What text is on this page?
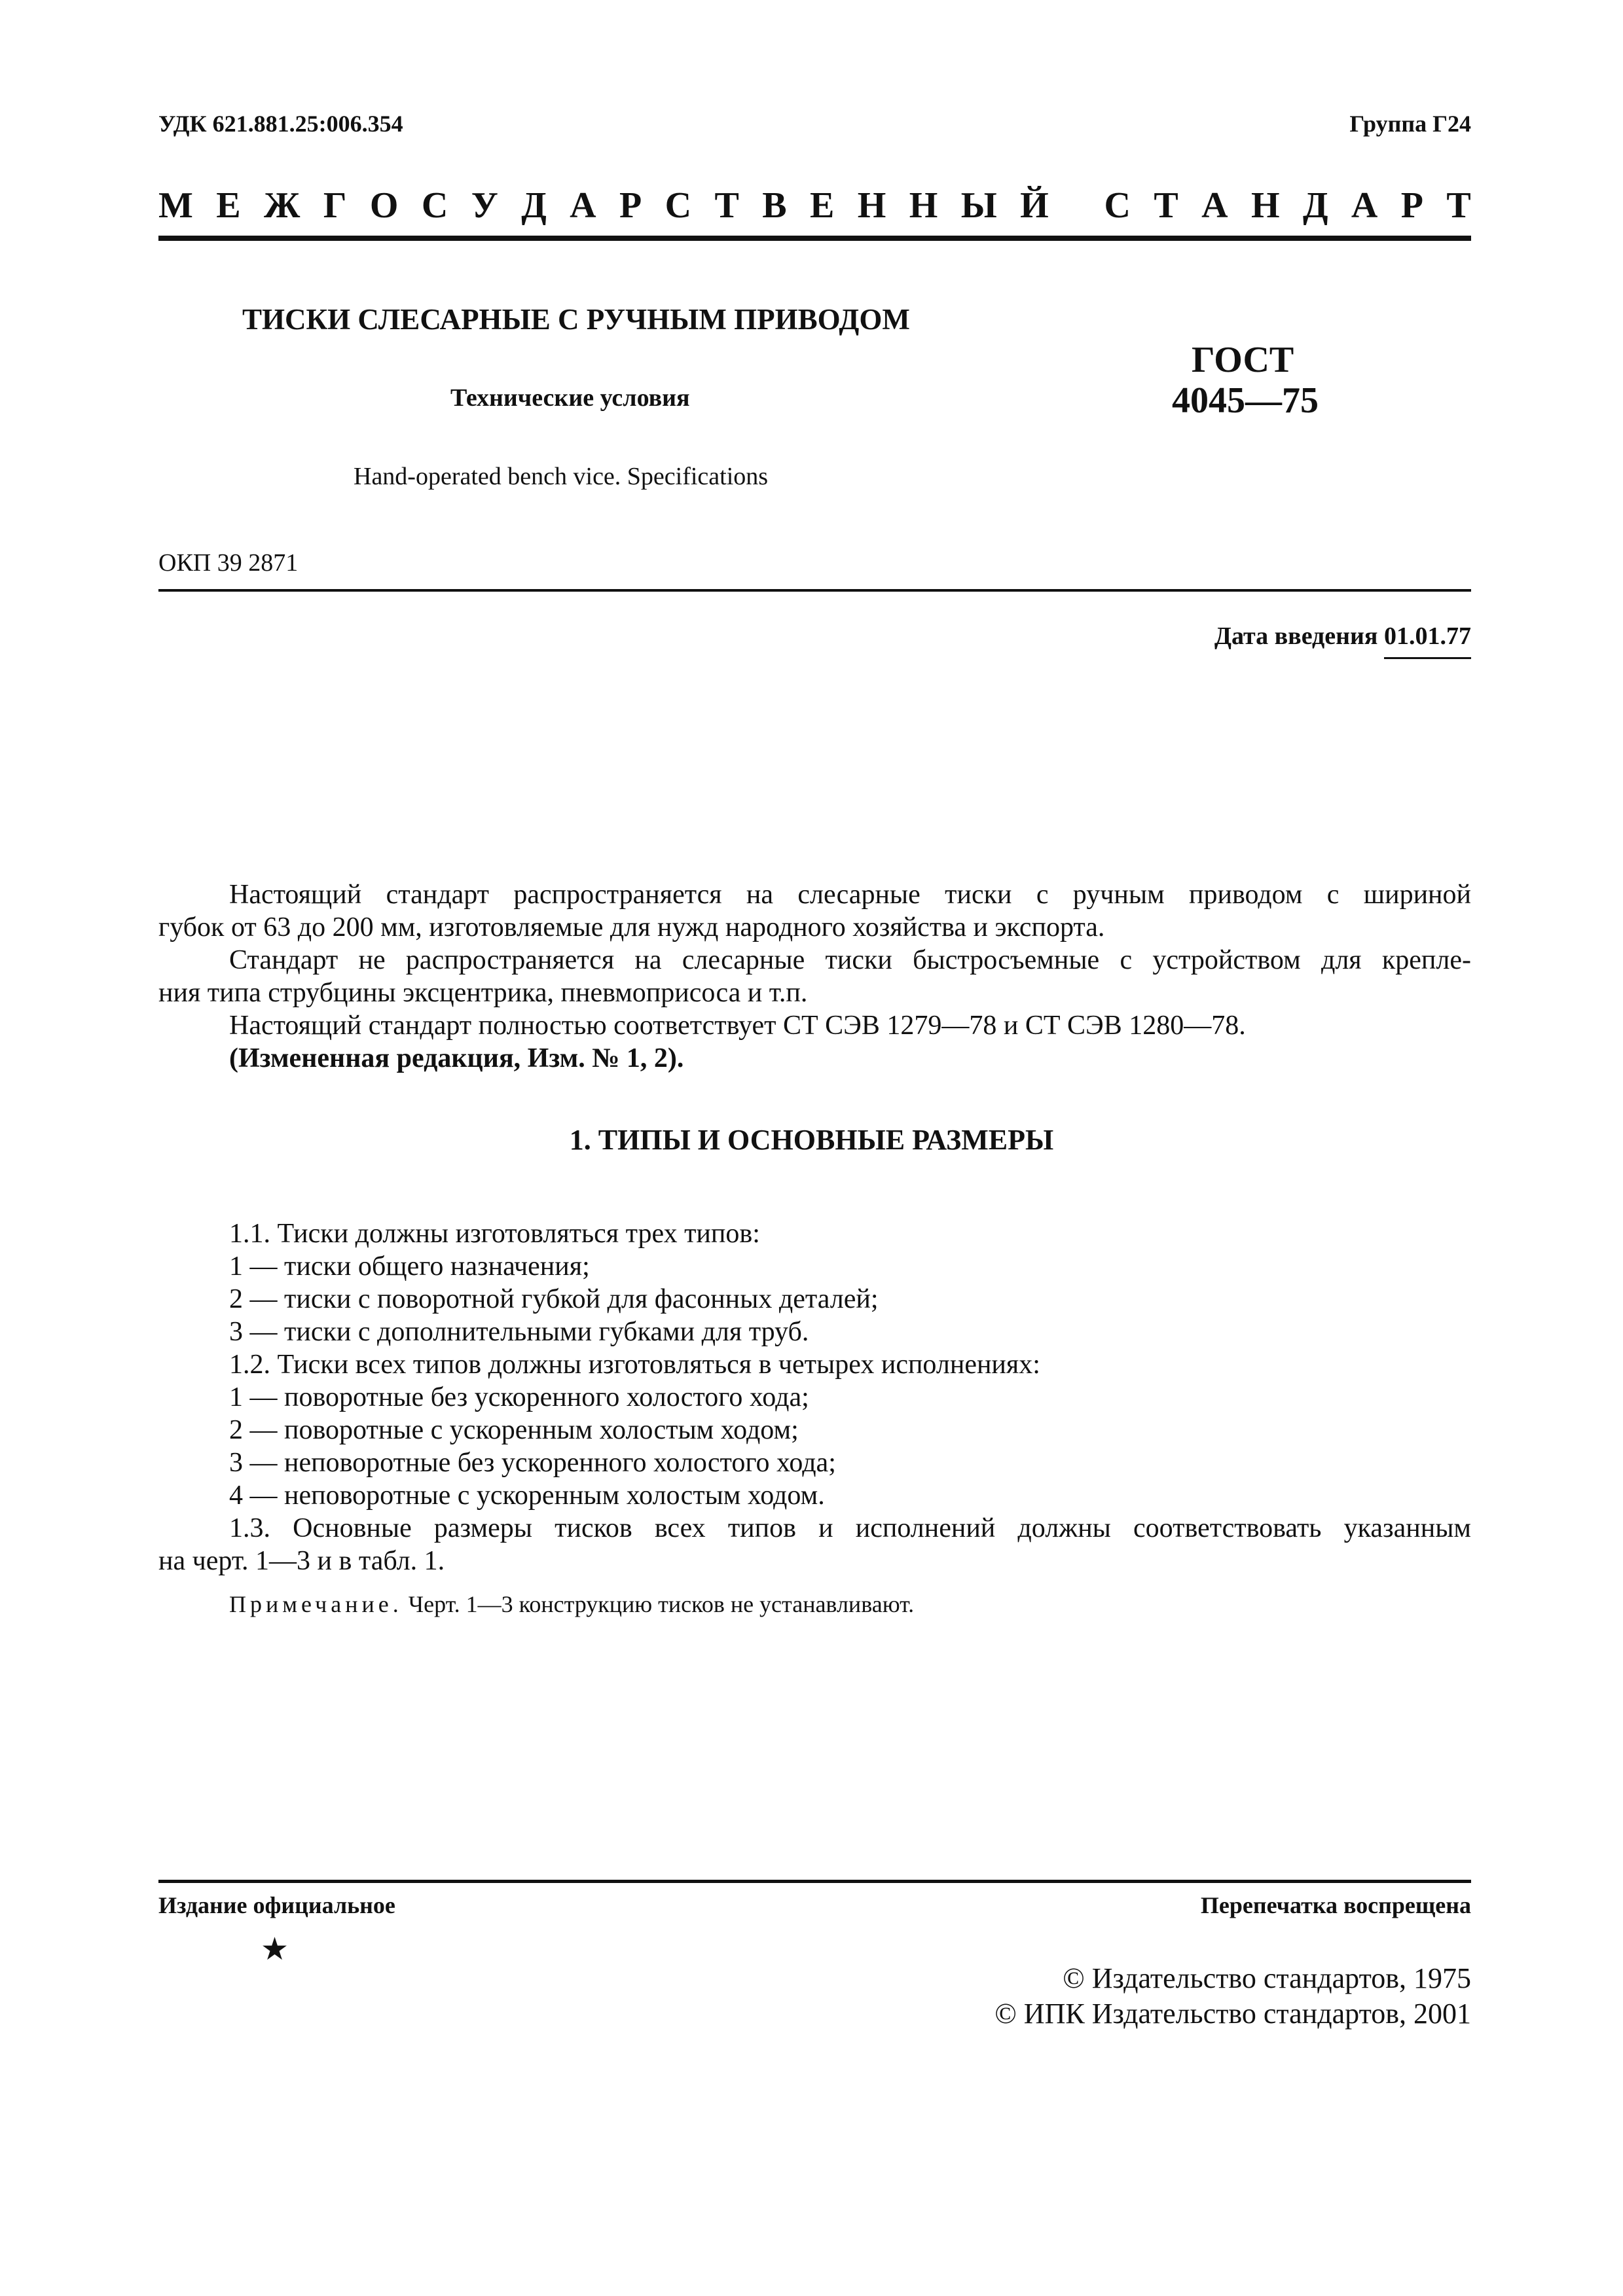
УДК 621.881.25:006.354	Группа Г24
М Е Ж Г О С У Д А Р С Т В Е Н Н Ы Й
С Т А Н Д А Р Т
ТИСКИ СЛЕСАРНЫЕ С РУЧНЫМ ПРИВОДОМ
ГОСТ
4045—75
Технические условия
Hand-operated bench vice. Specifications
ОКП 39 2871
Дата введения 01.01.77

Настоящий стандарт распространяется на слесарные тиски с ручным приводом с шириной

губок от 63 до 200 мм, изготовляемые для нужд народного хозяйства и экспорта.

Стандарт не распространяется на слесарные тиски быстросъемные с устройством для крепле-

ния типа струбцины эксцентрика, пневмоприсоса и т.п.

Настоящий стандарт полностью соответствует СТ СЭВ 1279—78 и СТ СЭВ 1280—78.

(Измененная редакция, Изм. № 1, 2).

1. ТИПЫ И ОСНОВНЫЕ РАЗМЕРЫ

1.1. Тиски должны изготовляться трех типов:

1 — тиски общего назначения;

2 — тиски с поворотной губкой для фасонных деталей;

3 — тиски с дополнительными губками для труб.

1.2. Тиски всех типов должны изготовляться в четырех исполнениях:

1 — поворотные без ускоренного холостого хода;

2 — поворотные с ускоренным холостым ходом;

3 — неповоротные без ускоренного холостого хода;

4 — неповоротные с ускоренным холостым ходом.

1.3. Основные размеры тисков всех типов и исполнений должны соответствовать указанным

на черт. 1—3 и в табл. 1.

Примечание. Черт. 1—3 конструкцию тисков не устанавливают.
Издание официальное	Перепечатка воспрещена
★
© Издательство стандартов, 1975
© ИПК Издательство стандартов, 2001
